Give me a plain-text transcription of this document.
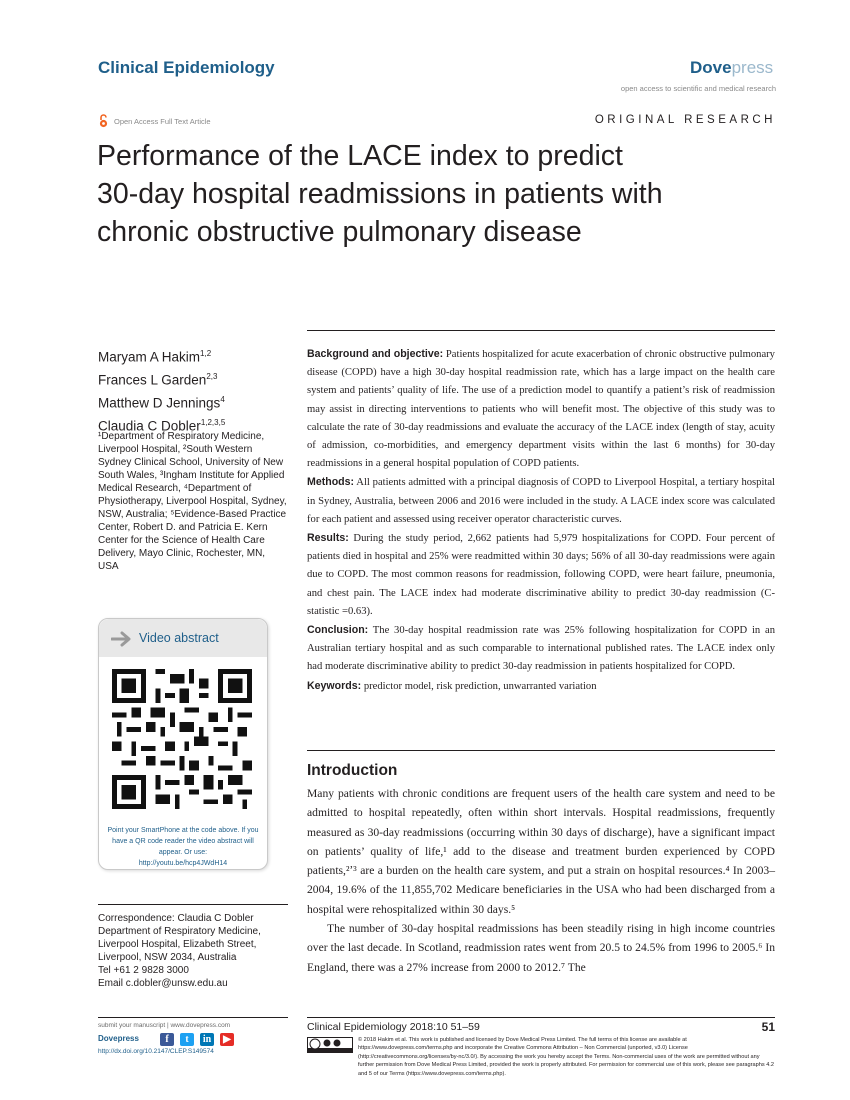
Clinical Epidemiology	Dovepress
open access to scientific and medical research
Open Access Full Text Article	ORIGINAL RESEARCH
Performance of the LACE index to predict
30-day hospital readmissions in patients with
chronic obstructive pulmonary disease
Maryam A Hakim$^{1,2}$
Frances L Garden$^{2,3}$
Matthew D Jennings$^4$
Claudia C Dobler$^{1,2,3,5}$
¹Department of Respiratory Medicine, Liverpool Hospital, ²South Western Sydney Clinical School, University of New South Wales, ³Ingham Institute for Applied Medical Research, ⁴Department of Physiotherapy, Liverpool Hospital, Sydney, NSW, Australia; ⁵Evidence-Based Practice Center, Robert D. and Patricia E. Kern Center for the Science of Health Care Delivery, Mayo Clinic, Rochester, MN, USA
Video abstract
Point your SmartPhone at the code above. If you have a QR code reader the video abstract will appear. Or use:
http://youtu.be/hcp4JWdH14
Correspondence: Claudia C Dobler
Department of Respiratory Medicine,
Liverpool Hospital, Elizabeth Street,
Liverpool, NSW 2034, Australia
Tel +61 2 9828 3000
Email c.dobler@unsw.edu.au

Background and objective: Patients hospitalized for acute exacerbation of chronic obstructive pulmonary disease (COPD) have a high 30-day hospital readmission rate, which has a large impact on the health care system and patients’ quality of life. The use of a prediction model to quantify a patient’s risk of readmission may assist in directing interventions to patients who will benefit most. The objective of this study was to calculate the rate of 30-day readmissions and evaluate the accuracy of the LACE index (length of stay, acuity of admission, co-morbidities, and emergency department visits within the last 6 months) for 30-day readmissions in a general hospital population of COPD patients.

Methods: All patients admitted with a principal diagnosis of COPD to Liverpool Hospital, a tertiary hospital in Sydney, Australia, between 2006 and 2016 were included in the study. A LACE index score was calculated for each patient and assessed using receiver operator characteristic curves.

Results: During the study period, 2,662 patients had 5,979 hospitalizations for COPD. Four percent of patients died in hospital and 25% were readmitted within 30 days; 56% of all 30-day readmissions were again due to COPD. The most common reasons for readmission, following COPD, were heart failure, pneumonia, and chest pain. The LACE index had moderate discriminative ability to predict 30-day readmission (C-statistic =0.63).

Conclusion: The 30-day hospital readmission rate was 25% following hospitalization for COPD in an Australian tertiary hospital and as such comparable to international published rates. The LACE index only had moderate discriminative ability to predict 30-day readmission in patients hospitalized for COPD.

Keywords: predictor model, risk prediction, unwarranted variation

Introduction

Many patients with chronic conditions are frequent users of the health care system and need to be admitted to hospital repeatedly, often within short intervals. Hospital readmissions, frequently measured as 30-day readmissions (occurring within 30 days of discharge), have a significant impact on patients’ quality of life,¹ add to the disease and treatment burden experienced by COPD patients,²ʼ³ are a burden on the health care system, and put a strain on hospital resources.⁴ In 2003–2004, 19.6% of the 11,855,702 Medicare beneficiaries in the USA who had been discharged from a hospital were rehospitalized within 30 days.⁵

The number of 30-day hospital readmissions has been steadily rising in high income countries over the last decade. In Scotland, readmission rates went from 20.5 to 24.5% from 1996 to 2005.⁶ In England, there was a 27% increase from 2000 to 2012.⁷ The

submit your manuscript | www.dovepress.com
Dovepress
http://dx.doi.org/10.2147/CLEP.S149574
f	t	in	▶
Clinical Epidemiology 2018:10 51–59	51
© 2018 Hakim et al. This work is published and licensed by Dove Medical Press Limited. The full terms of this license are available at https://www.dovepress.com/terms.php and incorporate the Creative Commons Attribution – Non Commercial (unported, v3.0) License (http://creativecommons.org/licenses/by-nc/3.0/). By accessing the work you hereby accept the Terms. Non-commercial uses of the work are permitted without any further permission from Dove Medical Press Limited, provided the work is properly attributed. For permission for commercial use of this work, please see paragraphs 4.2 and 5 of our Terms (https://www.dovepress.com/terms.php).
